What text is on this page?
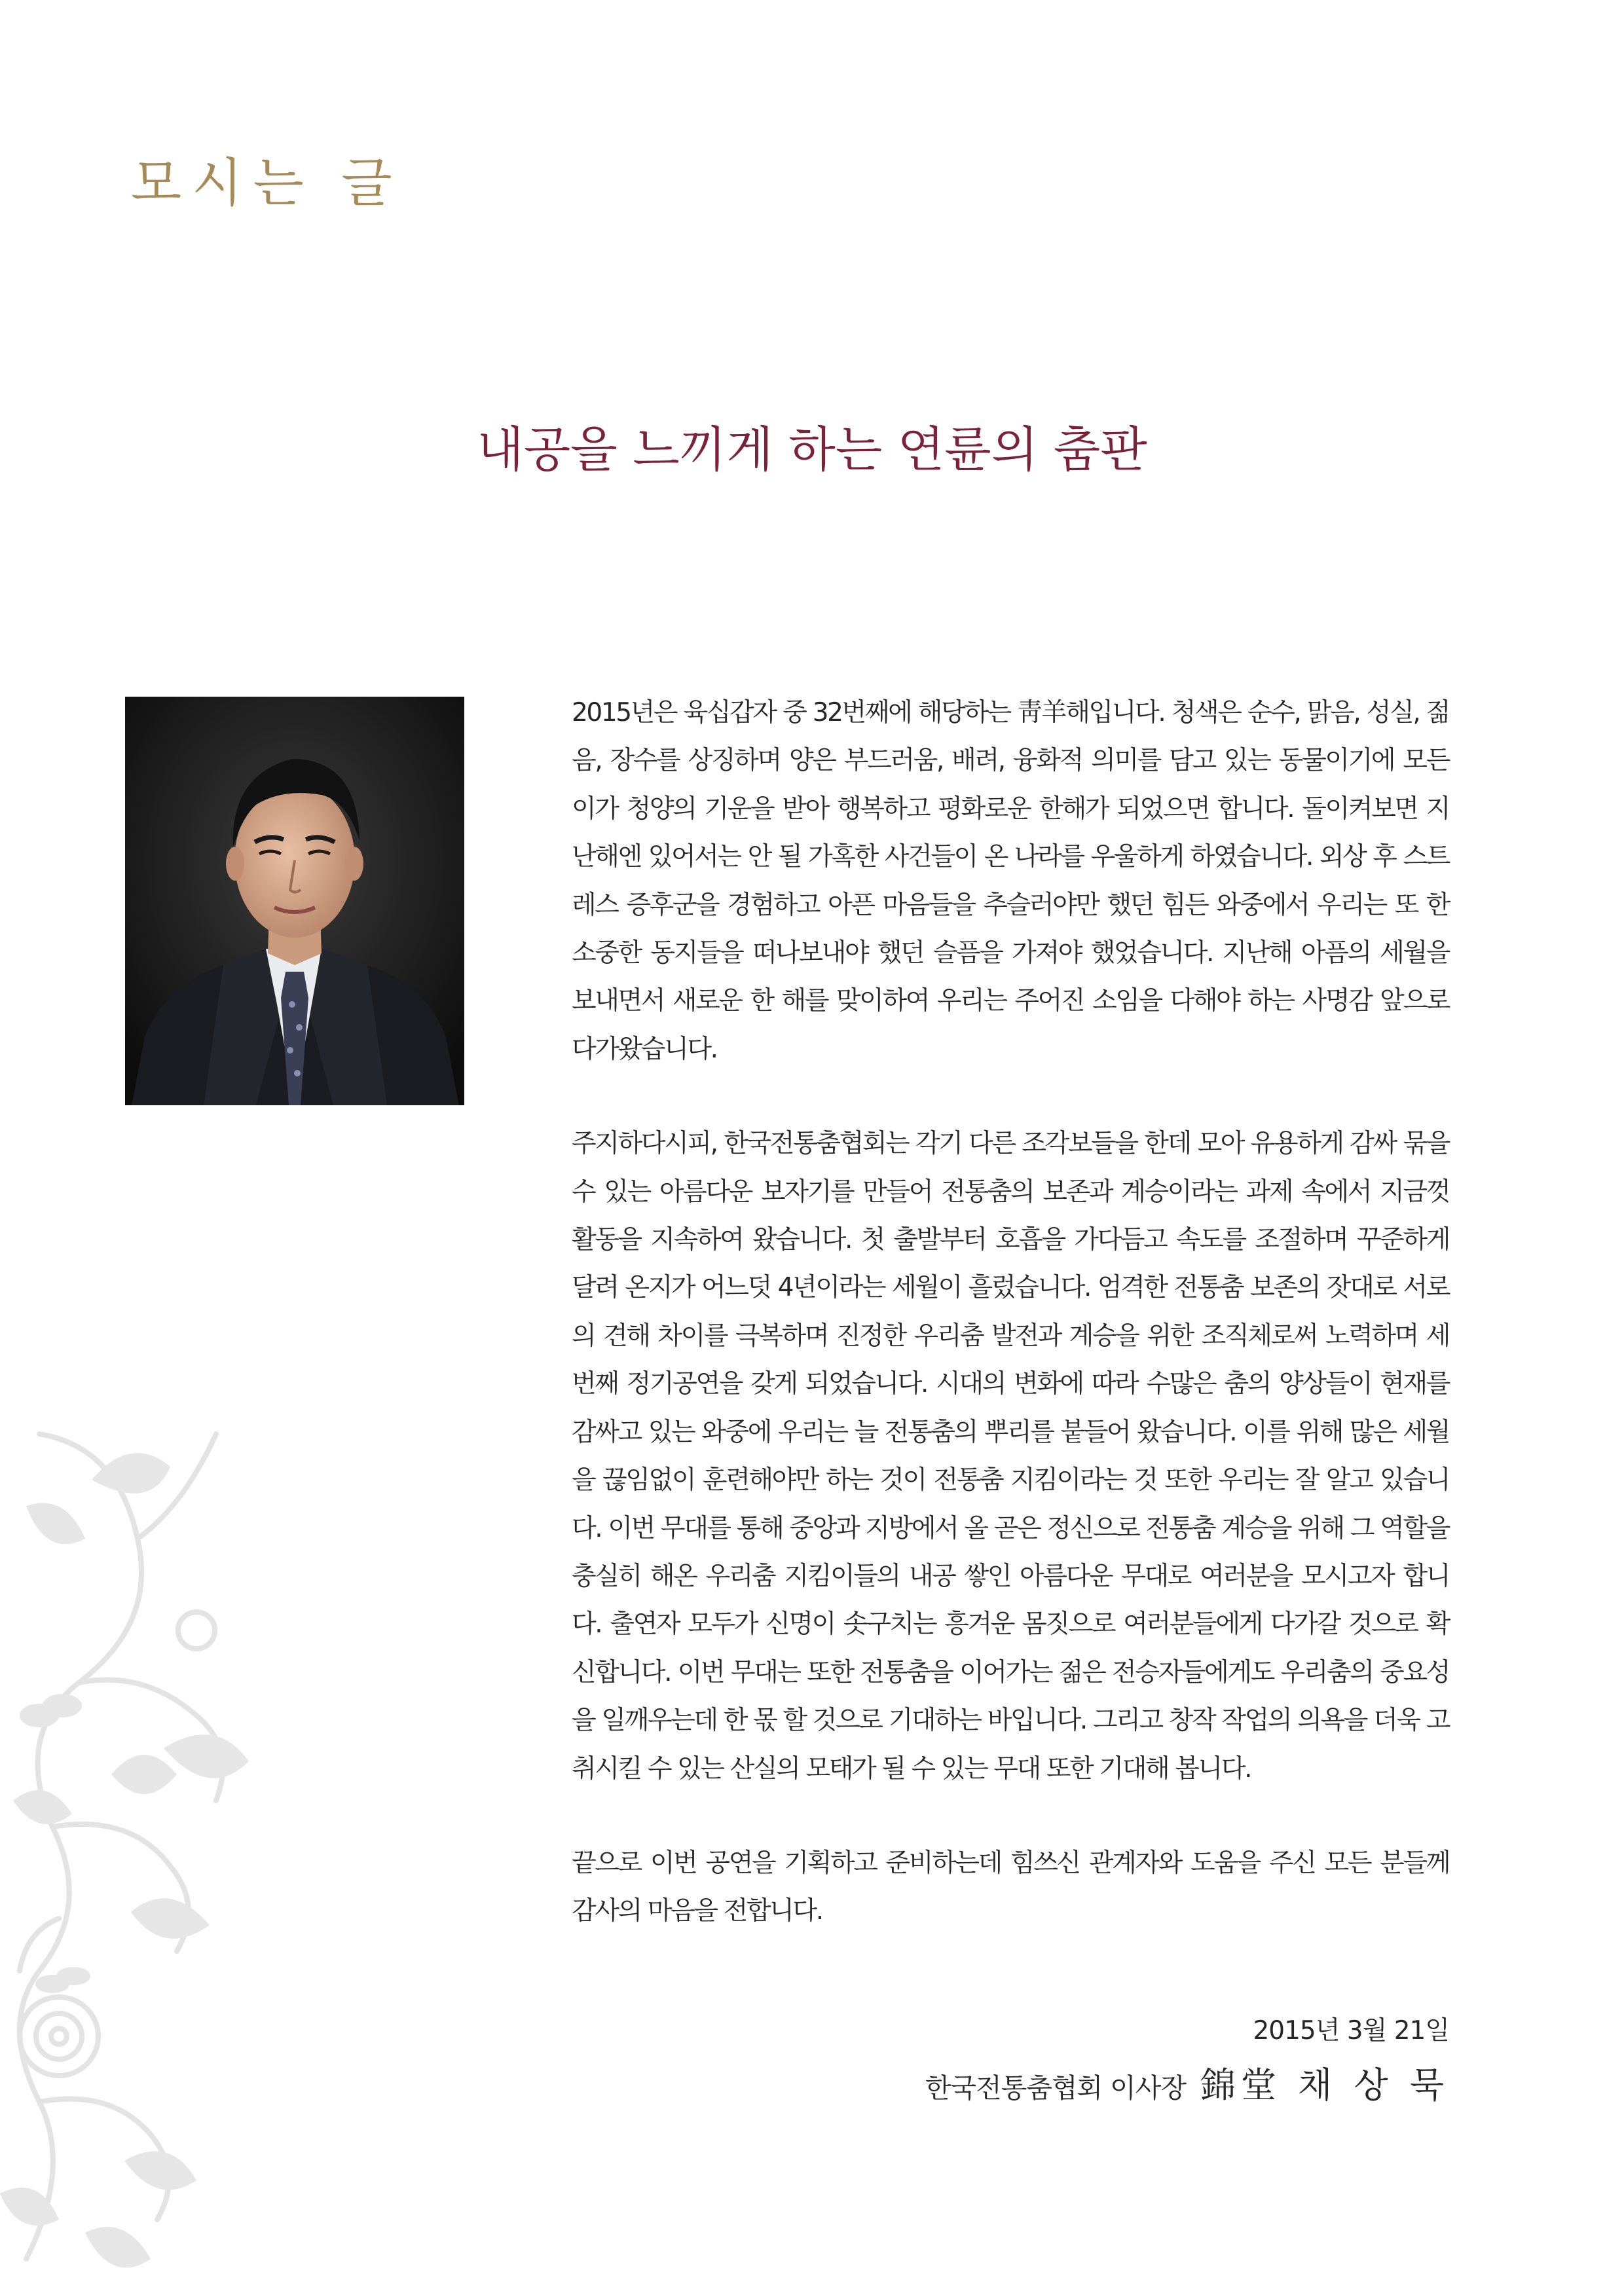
모시는 글
내공을 느끼게 하는 연륜의 춤판

2015년은 육십갑자 중 32번째에 해당하는 靑羊해입니다. 청색은 순수, 맑음, 성실, 젊음, 장수를 상징하며 양은 부드러움, 배려, 융화적 의미를 담고 있는 동물이기에 모든 이가 청양의 기운을 받아 행복하고 평화로운 한해가 되었으면 합니다. 돌이켜보면 지난해엔 있어서는 안 될 가혹한 사건들이 온 나라를 우울하게 하였습니다. 외상 후 스트레스 증후군을 경험하고 아픈 마음들을 추슬러야만 했던 힘든 와중에서 우리는 또 한 소중한 동지들을 떠나보내야 했던 슬픔을 가져야 했었습니다. 지난해 아픔의 세월을 보내면서 새로운 한 해를 맞이하여 우리는 주어진 소임을 다해야 하는 사명감 앞으로 다가왔습니다.

주지하다시피, 한국전통춤협회는 각기 다른 조각보들을 한데 모아 유용하게 감싸 묶을 수 있는 아름다운 보자기를 만들어 전통춤의 보존과 계승이라는 과제 속에서 지금껏 활동을 지속하여 왔습니다. 첫 출발부터 호흡을 가다듬고 속도를 조절하며 꾸준하게 달려 온지가 어느덧 4년이라는 세월이 흘렀습니다. 엄격한 전통춤 보존의 잣대로 서로의 견해 차이를 극복하며 진정한 우리춤 발전과 계승을 위한 조직체로써 노력하며 세 번째 정기공연을 갖게 되었습니다. 시대의 변화에 따라 수많은 춤의 양상들이 현재를 감싸고 있는 와중에 우리는 늘 전통춤의 뿌리를 붙들어 왔습니다. 이를 위해 많은 세월을 끊임없이 훈련해야만 하는 것이 전통춤 지킴이라는 것 또한 우리는 잘 알고 있습니다. 이번 무대를 통해 중앙과 지방에서 올 곧은 정신으로 전통춤 계승을 위해 그 역할을 충실히 해온 우리춤 지킴이들의 내공 쌓인 아름다운 무대로 여러분을 모시고자 합니다. 출연자 모두가 신명이 솟구치는 흥겨운 몸짓으로 여러분들에게 다가갈 것으로 확신합니다. 이번 무대는 또한 전통춤을 이어가는 젊은 전승자들에게도 우리춤의 중요성을 일깨우는데 한 몫 할 것으로 기대하는 바입니다. 그리고 창작 작업의 의욕을 더욱 고취시킬 수 있는 산실의 모태가 될 수 있는 무대 또한 기대해 봅니다.

끝으로 이번 공연을 기획하고 준비하는데 힘쓰신 관계자와 도움을 주신 모든 분들께 감사의 마음을 전합니다.

2015년 3월 21일
한국전통춤협회 이사장 錦堂 채 상 묵
